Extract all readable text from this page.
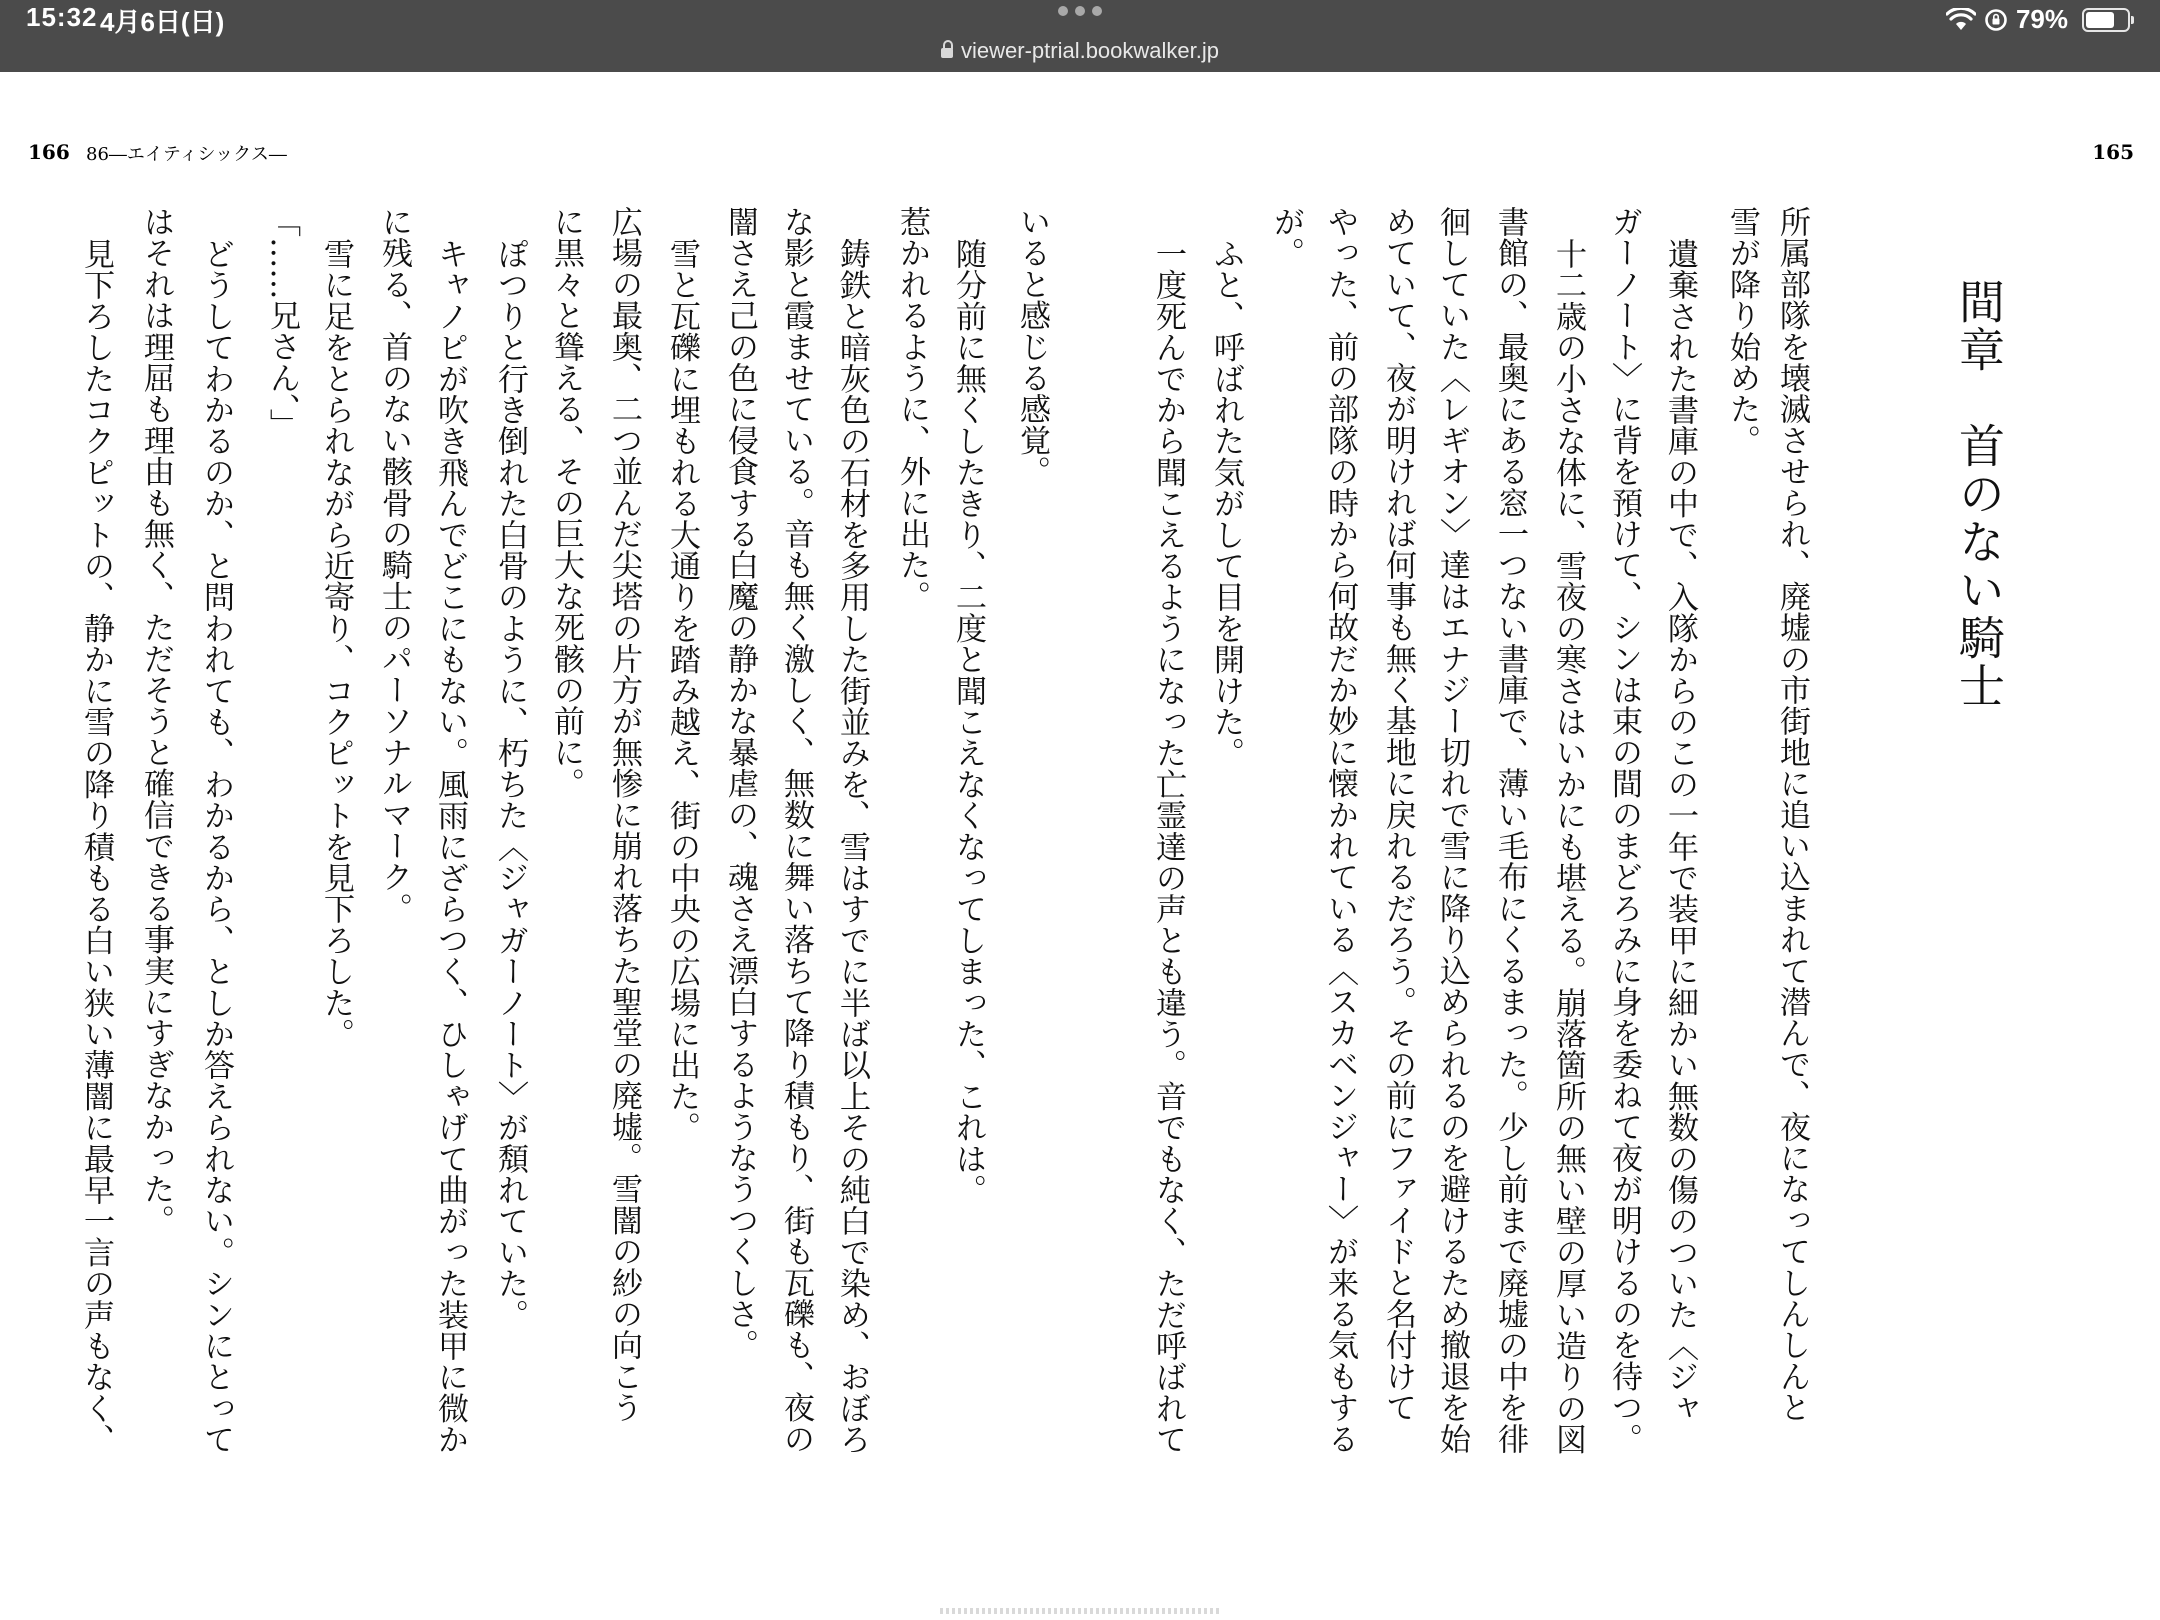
15:32 4月6日(日)
viewer-ptrial.bookwalker.jp
79%
166 86―エイティシックス―	165
間章　首のない騎士
所属部隊を壊滅させられ、廃墟の市街地に追い込まれて潜んで、夜になってしんしんと
雪が降り始めた。
遺棄された書庫の中で、入隊からのこの一年で装甲に細かい無数の傷のついた〈ジャ
ガーノート〉に背を預けて、シンは束の間のまどろみに身を委ねて夜が明けるのを待つ。
十二歳の小さな体に、雪夜の寒さはいかにも堪える。崩落箇所の無い壁の厚い造りの図
書館の、最奥にある窓一つない書庫で、薄い毛布にくるまった。少し前まで廃墟の中を徘
徊していた〈レギオン〉達はエナジー切れで雪に降り込められるのを避けるため撤退を始
めていて、夜が明ければ何事も無く基地に戻れるだろう。その前にファイドと名付けて
やった、前の部隊の時から何故だか妙に懐かれている〈スカベンジャー〉が来る気もする
が。
ふと、呼ばれた気がして目を開けた。
一度死んでから聞こえるようになった亡霊達の声とも違う。音でもなく、ただ呼ばれて
いると感じる感覚。
随分前に無くしたきり、二度と聞こえなくなってしまった、これは。
惹かれるように、外に出た。
鋳鉄と暗灰色の石材を多用した街並みを、雪はすでに半ば以上その純白で染め、おぼろ
な影と霞ませている。音も無く激しく、無数に舞い落ちて降り積もり、街も瓦礫も、夜の
闇さえ己の色に侵食する白魔の静かな暴虐の、魂さえ漂白するようなうつくしさ。
雪と瓦礫に埋もれる大通りを踏み越え、街の中央の広場に出た。
広場の最奥、二つ並んだ尖塔の片方が無惨に崩れ落ちた聖堂の廃墟。雪闇の紗の向こう
に黒々と聳える、その巨大な死骸の前に。
ぽつりと行き倒れた白骨のように、朽ちた〈ジャガーノート〉が頽れていた。
キャノピが吹き飛んでどこにもない。風雨にざらつく、ひしゃげて曲がった装甲に微か
に残る、首のない骸骨の騎士のパーソナルマーク。
雪に足をとられながら近寄り、コクピットを見下ろした。
「……兄さん、」
どうしてわかるのか、と問われても、わかるから、としか答えられない。シンにとって
はそれは理屈も理由も無く、ただそうと確信できる事実にすぎなかった。
見下ろしたコクピットの、静かに雪の降り積もる白い狭い薄闇に最早一言の声もなく、
